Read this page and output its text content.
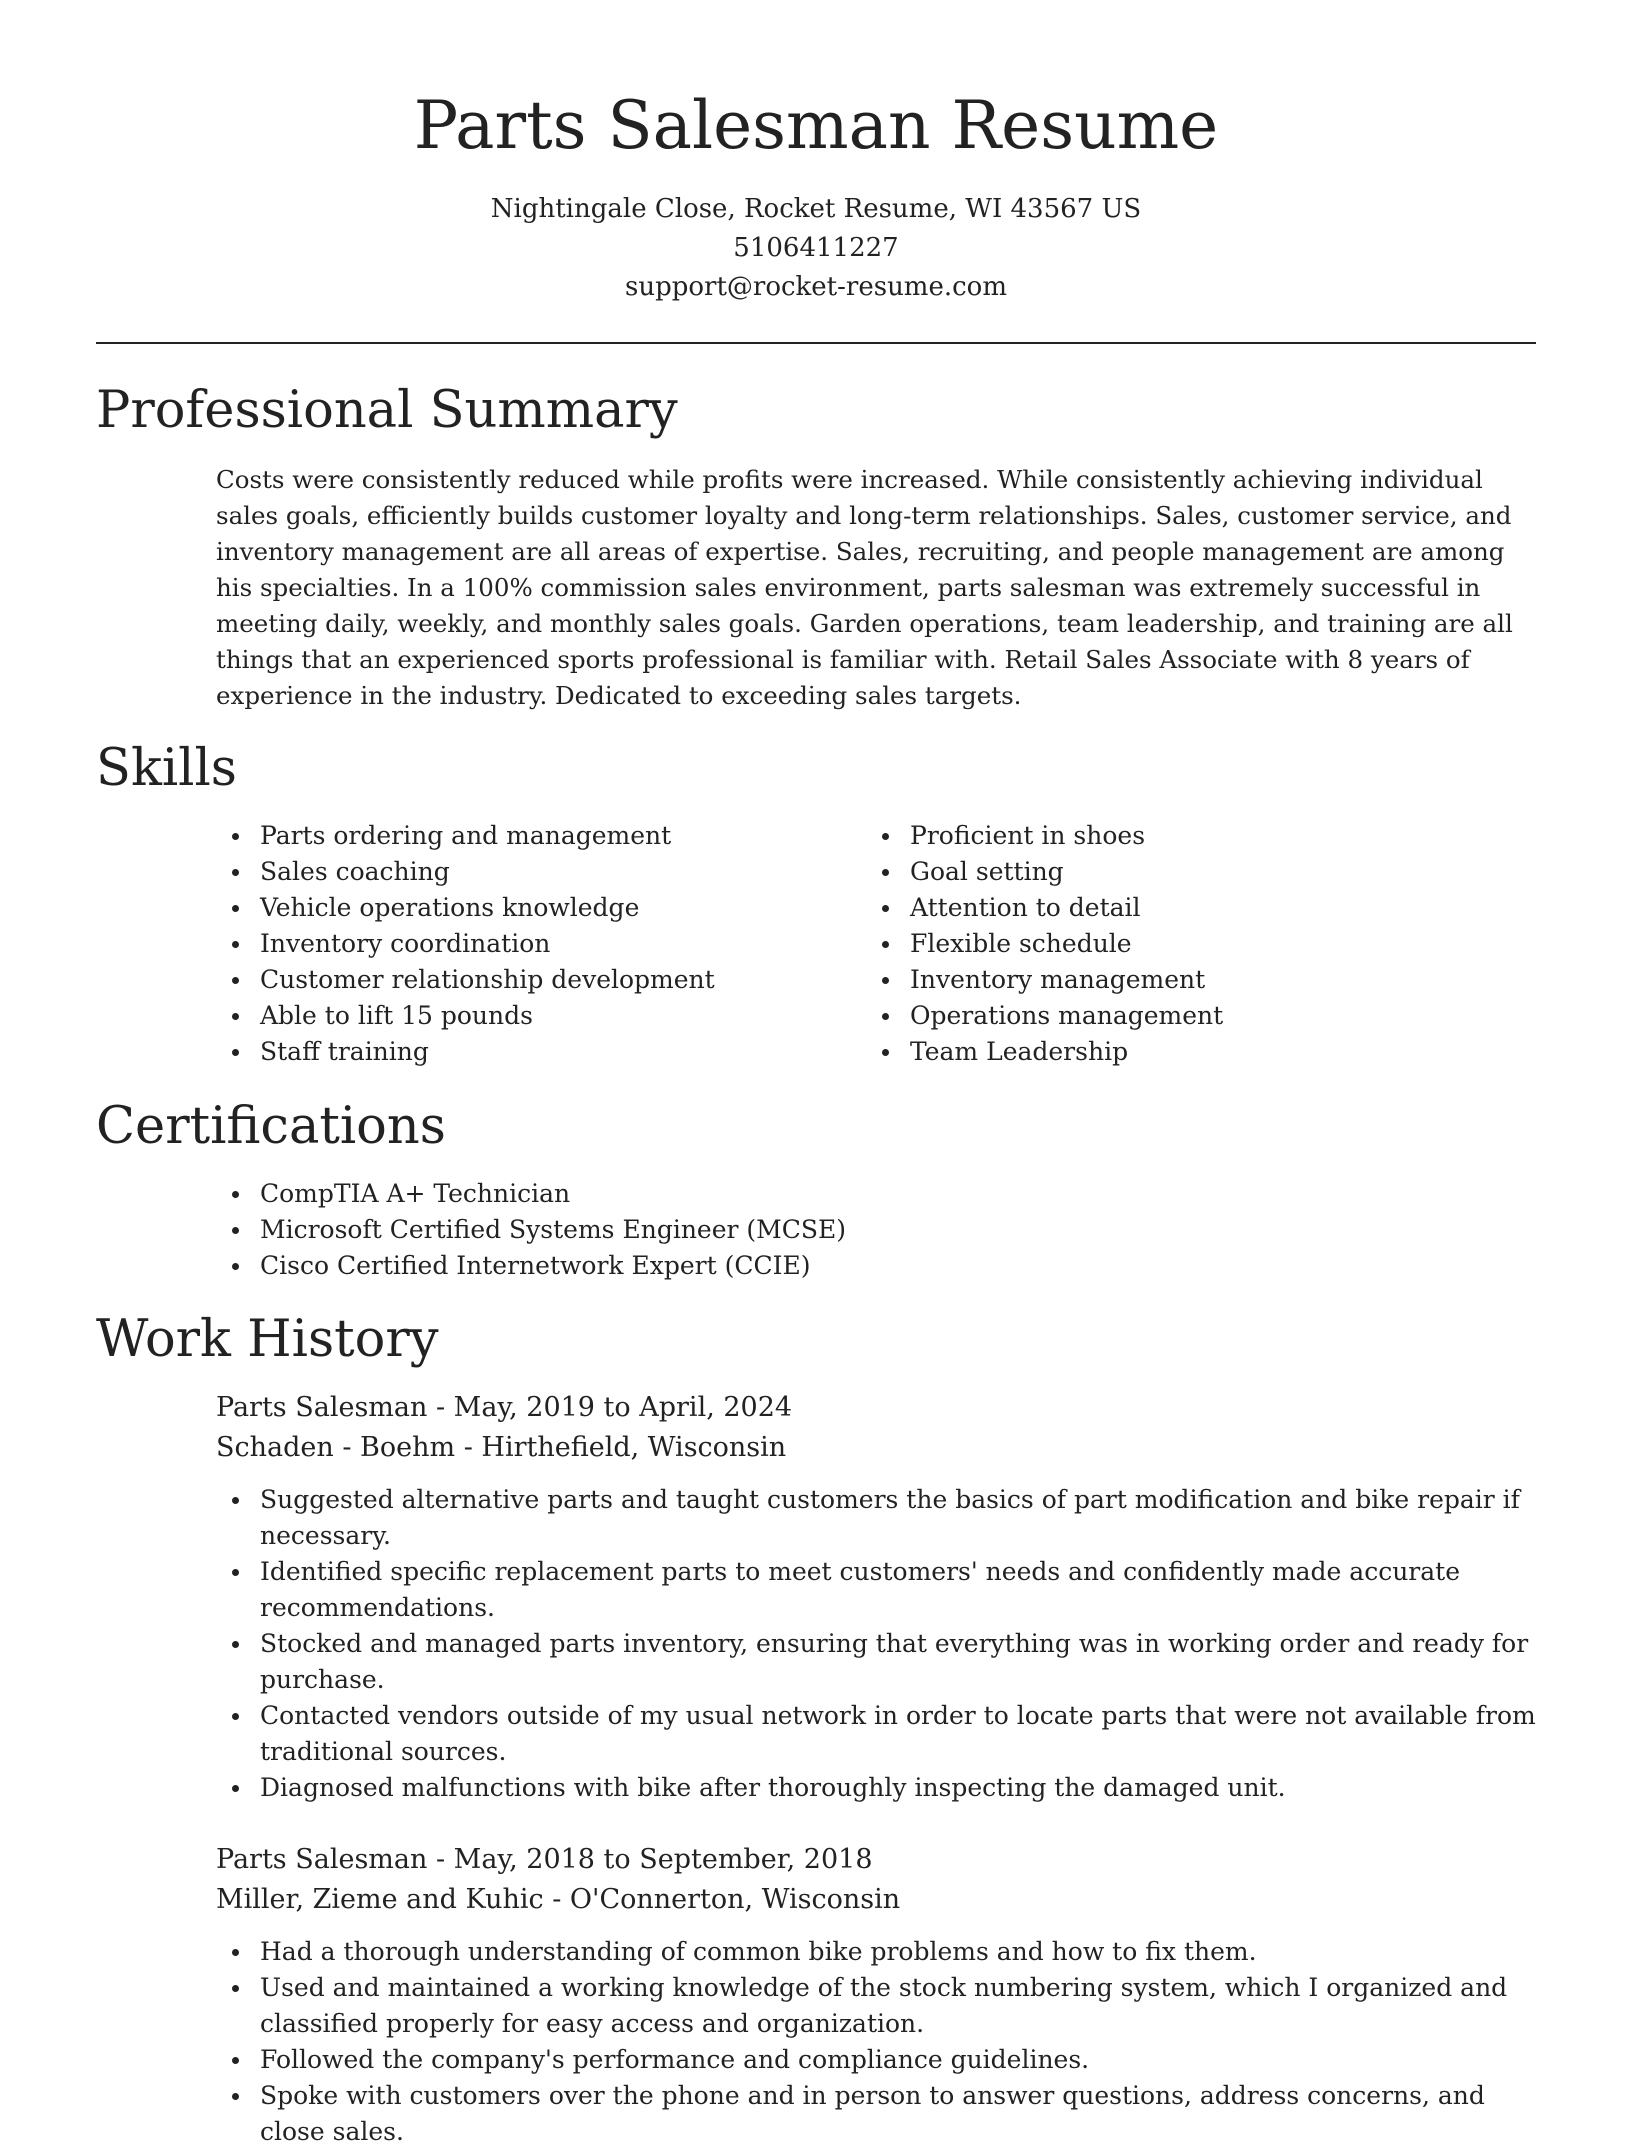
Parts Salesman Resume
Nightingale Close, Rocket Resume, WI 43567 US
5106411227
support@rocket-resume.com
Professional Summary

Costs were consistently reduced while profits were increased. While consistently achieving individual sales goals, efficiently builds customer loyalty and long-term relationships. Sales, customer service, and inventory management are all areas of expertise. Sales, recruiting, and people management are among his specialties. In a 100% commission sales environment, parts salesman was extremely successful in meeting daily, weekly, and monthly sales goals. Garden operations, team leadership, and training are all things that an experienced sports professional is familiar with. Retail Sales Associate with 8 years of experience in the industry. Dedicated to exceeding sales targets.

Skills
Parts ordering and management
Sales coaching
Vehicle operations knowledge
Inventory coordination
Customer relationship development
Able to lift 15 pounds
Staff training
Proficient in shoes
Goal setting
Attention to detail
Flexible schedule
Inventory management
Operations management
Team Leadership
Certifications
CompTIA A+ Technician
Microsoft Certified Systems Engineer (MCSE)
Cisco Certified Internetwork Expert (CCIE)
Work History
Parts Salesman - May, 2019 to April, 2024
Schaden - Boehm - Hirthefield, Wisconsin
Suggested alternative parts and taught customers the basics of part modification and bike repair if necessary.
Identified specific replacement parts to meet customers' needs and confidently made accurate recommendations.
Stocked and managed parts inventory, ensuring that everything was in working order and ready for purchase.
Contacted vendors outside of my usual network in order to locate parts that were not available from traditional sources.
Diagnosed malfunctions with bike after thoroughly inspecting the damaged unit.
Parts Salesman - May, 2018 to September, 2018
Miller, Zieme and Kuhic - O'Connerton, Wisconsin
Had a thorough understanding of common bike problems and how to fix them.
Used and maintained a working knowledge of the stock numbering system, which I organized and classified properly for easy access and organization.
Followed the company's performance and compliance guidelines.
Spoke with customers over the phone and in person to answer questions, address concerns, and close sales.
